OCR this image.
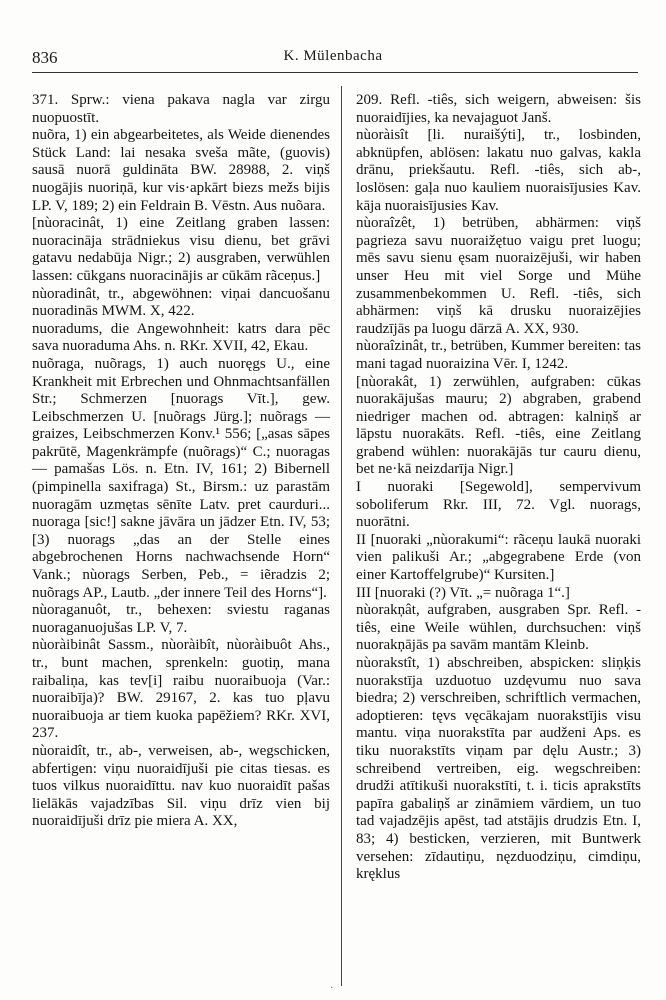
836	K. Mülenbacha

371. Sprw.: viena pakava nagla var zirgu nuopuostīt.

nuõra, 1) ein abgearbeitetes, als Weide dienendes Stück Land: lai nesaka sveša mãte, (guovis) sausā nuorā guldināta BW. 28988, 2. viņš nuogājis nuoriņā, kur vis·apkārt biezs mežs bijis LP. V, 189; 2) ein Feldrain B. Vēstn. Aus nuõara.

[nùoracinât, 1) eine Zeitlang graben lassen: nuoracināja strādniekus visu dienu, bet grāvi gatavu nedabūja Nigr.; 2) ausgraben, verwühlen lassen: cūkgans nuoracinājis ar cūkām rãceņus.]

nùoradinât, tr., abgewöhnen: viņai dancuošanu nuoradinās MWM. X, 422.

nuoradums, die Angewohnheit: katrs dara pēc sava nuoraduma Ahs. n. RKr. XVII, 42, Ekau.

nuõraga, nuõrags, 1) auch nuoręgs U., eine Krankheit mit Erbrechen und Ohnmachtsanfällen Str.; Schmerzen [nuorags Vīt.], gew. Leibschmerzen U. [nuõrags Jürg.]; nuõrags — graizes, Leibschmerzen Konv.¹ 556; [„asas sāpes pakrūtē, Magenkrämpfe (nuõrags)“ C.; nuoragas — pamašas Lös. n. Etn. IV, 161; 2) Bibernell (pimpinella saxifraga) St., Birsm.: uz parastām nuoragām uzmętas sēnīte Latv. pret caurduri... nuoraga [sic!] sakne jāvāra un jādzer Etn. IV, 53; [3) nuorags „das an der Stelle eines abgebrochenen Horns nachwachsende Horn“ Vank.; nùorags Serben, Peb., = iẽradzis 2; nuõrags AP., Lautb. „der innere Teil des Horns“].

nùoraganuôt, tr., behexen: sviestu raganas nuoraganuojušas LP. V, 7.

nùoràibinât Sassm., nùoràibît, nùoràibuôt Ahs., tr., bunt machen, sprenkeln: guotiņ, mana raibaliņa, kas tev[i] raibu nuoraibuoja (Var.: nuoraibīja)? BW. 29167, 2. kas tuo pļavu nuoraibuoja ar tiem kuoka papēžiem? RKr. XVI, 237.

nùoraidît, tr., ab-, verweisen, ab-, wegschicken, abfertigen: viņu nuoraidījuši pie citas tiesas. es tuos vilkus nuoraidīttu. nav kuo nuoraidīt pašas lielākās vajadzības Sil. viņu drīz vien bij nuoraidījuši drīz pie miera A. XX,

209. Refl. -tiês, sich weigern, abweisen: šis nuoraidījies, ka nevajaguot Janš.

nùoràisît [li. nuraišýti], tr., losbinden, abknüpfen, ablösen: lakatu nuo galvas, kakla drānu, priekšautu. Refl. -tiês, sich ab-, loslösen: gaļa nuo kauliem nuoraisījusies Kav. kāja nuoraisījusies Kav.

nùoraîzêt, 1) betrüben, abhärmen: viņš pagrieza savu nuoraižętuo vaigu pret luogu; mēs savu sienu ęsam nuoraizējuši, wir haben unser Heu mit viel Sorge und Mühe zusammenbekommen U. Refl. -tiês, sich abhärmen: viņš kā drusku nuoraizējies raudzījās pa luogu dārzā A. XX, 930.

nùoraîzinât, tr., betrüben, Kummer bereiten: tas mani tagad nuoraizina Vēr. I, 1242.

[nùorakât, 1) zerwühlen, aufgraben: cūkas nuorakājušas mauru; 2) abgraben, grabend niedriger machen od. abtragen: kalniņš ar lāpstu nuorakāts. Refl. -tiês, eine Zeitlang grabend wühlen: nuorakājās tur cauru dienu, bet ne·kā neizdarīja Nigr.]

I nuoraki [Segewold], sempervivum soboliferum Rkr. III, 72. Vgl. nuorags, nuorātni.

II [nuoraki „nùorakumi“: rãceņu laukā nuoraki vien palikuši Ar.; „abgegrabene Erde (von einer Kartoffelgrube)“ Kursiten.]

III [nuoraki (?) Vīt. „= nuõraga 1“.]

nùorakņât, aufgraben, ausgraben Spr. Refl. -tiês, eine Weile wühlen, durchsuchen: viņš nuorakņājās pa savām mantām Kleinb.

nùorakstît, 1) abschreiben, abspicken: sliņķis nuorakstīja uzduotuo uzdęvumu nuo sava biedra; 2) verschreiben, schriftlich vermachen, adoptieren: tęvs vęcākajam nuorakstījis visu mantu. viņa nuorakstīta par audženi Aps. es tiku nuorakstīts viņam par dęlu Austr.; 3) schreibend vertreiben, eig. wegschreiben: drudži atītikuši nuorakstīti, t. i. ticis aprakstīts papīra gabaliņš ar zināmiem vārdiem, un tuo tad vajadzējis apēst, tad atstājis drudzis Etn. I, 83; 4) besticken, verzieren, mit Buntwerk versehen: zīdautiņu, nęzduodziņu, cimdiņu, kręklus

·
